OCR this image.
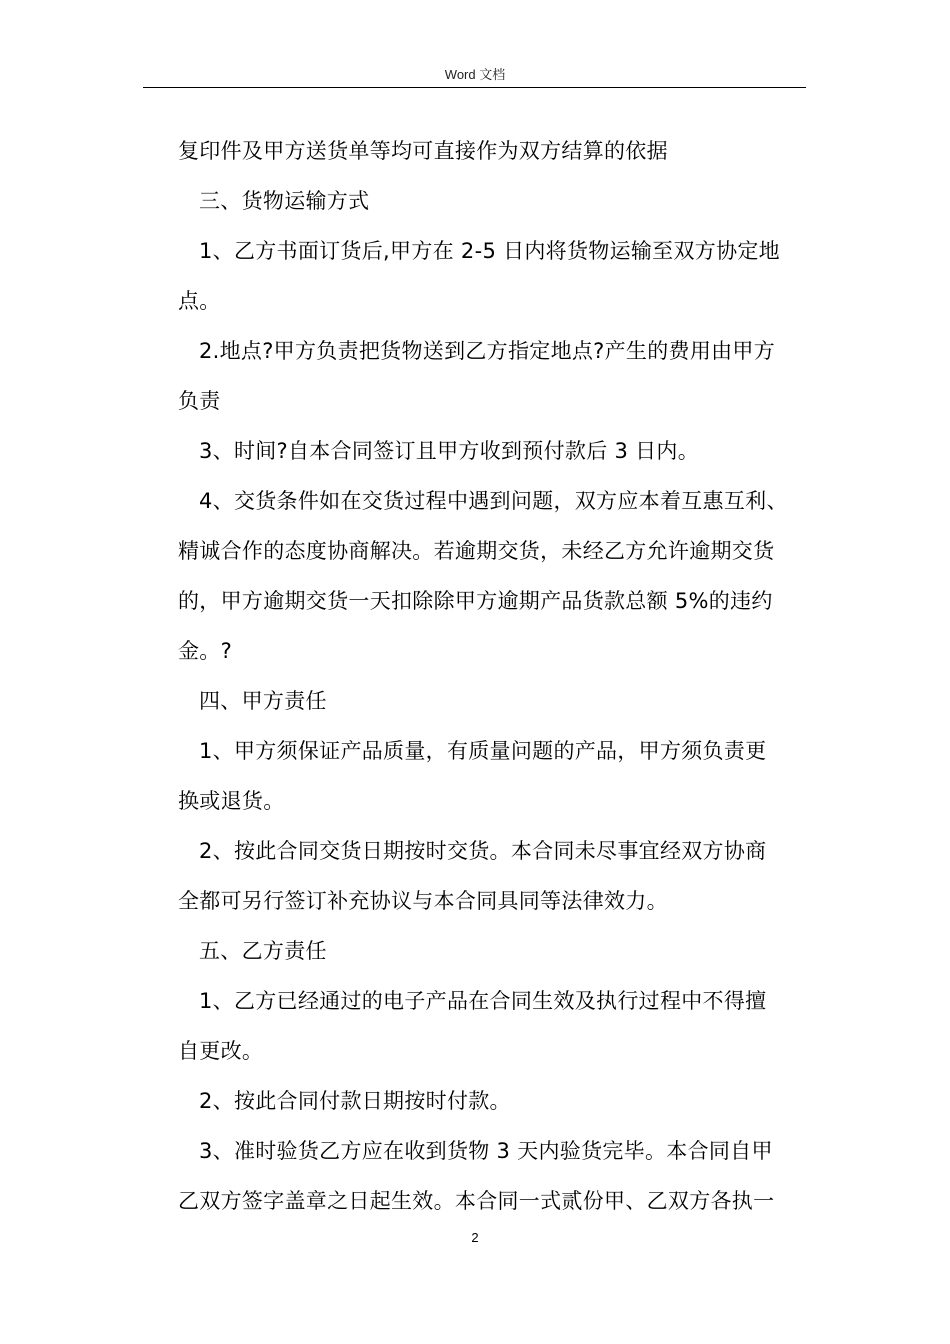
Word 文档
复印件及甲方送货单等均可直接作为双方结算的依据
三、货物运输方式
1、乙方书面订货后,甲方在 2-5 日内将货物运输至双方协定地
点。
2.地点?甲方负责把货物送到乙方指定地点?产生的费用由甲方
负责
3、时间?自本合同签订且甲方收到预付款后 3 日内。
4、交货条件如在交货过程中遇到问题，双方应本着互惠互利、
精诚合作的态度协商解决。若逾期交货，未经乙方允许逾期交货
的，甲方逾期交货一天扣除除甲方逾期产品货款总额 5%的违约
金。?
四、甲方责任
1、甲方须保证产品质量，有质量问题的产品，甲方须负责更
换或退货。
2、按此合同交货日期按时交货。本合同未尽事宜经双方协商
全都可另行签订补充协议与本合同具同等法律效力。
五、乙方责任
1、乙方已经通过的电子产品在合同生效及执行过程中不得擅
自更改。
2、按此合同付款日期按时付款。
3、准时验货乙方应在收到货物 3 天内验货完毕。本合同自甲
乙双方签字盖章之日起生效。本合同一式贰份甲、乙双方各执一
2
